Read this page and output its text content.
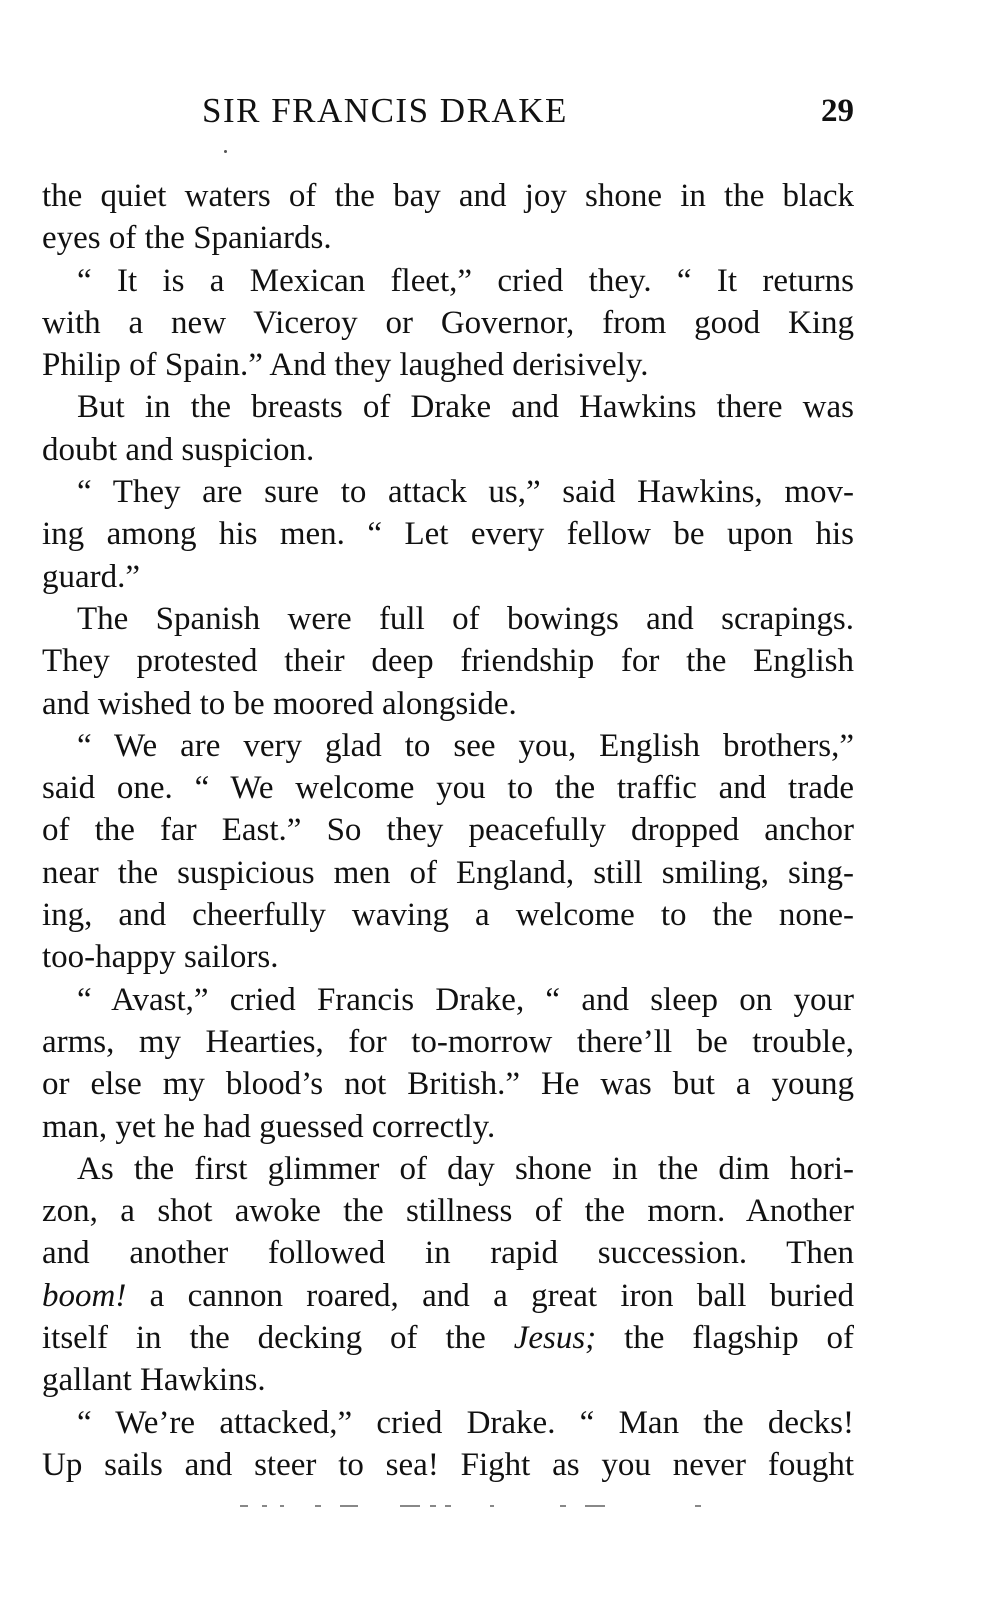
SIR FRANCIS DRAKE	29
the quiet waters of the bay and joy shone in the black
eyes of the Spaniards.
“ It is a Mexican fleet,” cried they. “ It returns
with a new Viceroy or Governor, from good King
Philip of Spain.” And they laughed derisively.
But in the breasts of Drake and Hawkins there was
doubt and suspicion.
“ They are sure to attack us,” said Hawkins, mov-
ing among his men. “ Let every fellow be upon his
guard.”
The Spanish were full of bowings and scrapings.
They protested their deep friendship for the English
and wished to be moored alongside.
“ We are very glad to see you, English brothers,”
said one. “ We welcome you to the traffic and trade
of the far East.” So they peacefully dropped anchor
near the suspicious men of England, still smiling, sing-
ing, and cheerfully waving a welcome to the none-
too-happy sailors.
“ Avast,” cried Francis Drake, “ and sleep on your
arms, my Hearties, for to-morrow there’ll be trouble,
or else my blood’s not British.” He was but a young
man, yet he had guessed correctly.
As the first glimmer of day shone in the dim hori-
zon, a shot awoke the stillness of the morn. Another
and another followed in rapid succession. Then
boom! a cannon roared, and a great iron ball buried
itself in the decking of the Jesus; the flagship of
gallant Hawkins.
“ We’re attacked,” cried Drake. “ Man the decks!
Up sails and steer to sea! Fight as you never fought
